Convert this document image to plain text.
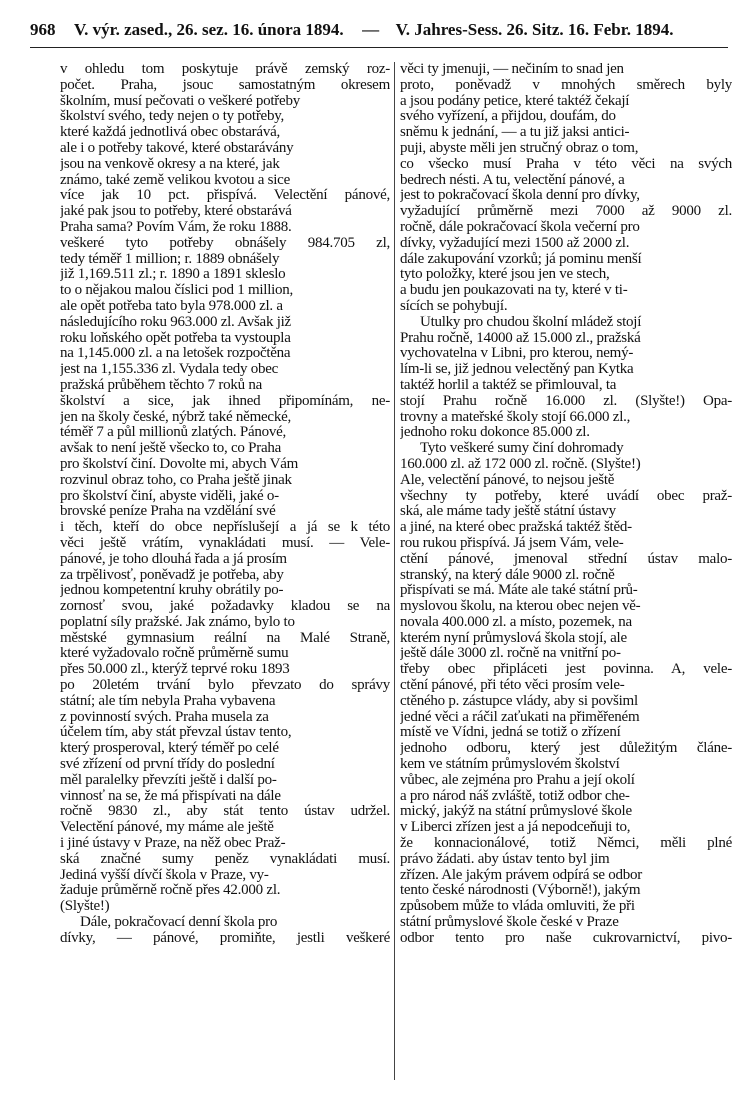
968 V. výr. zased., 26. sez. 16. února 1894. — V. Jahres-Sess. 26. Sitz. 16. Febr. 1894.
v ohledu tom poskytuje právě zemský roz-
počet. Praha, jsouc samostatným okresem
školním, musí pečovati o veškeré potřeby
školství svého, tedy nejen o ty potřeby,
které každá jednotlivá obec obstarává,
ale i o potřeby takové, které obstarávány
jsou na venkově okresy a na které, jak
známo, také země velikou kvotou a sice
více jak 10 pct. přispívá. Velectění pánové,
jaké pak jsou to potřeby, které obstarává
Praha sama? Povím Vám, že roku 1888.
veškeré tyto potřeby obnášely 984.705 zl,
tedy téměř 1 million; r. 1889 obnášely
již 1,169.511 zl.; r. 1890 a 1891 skleslo
to o nějakou malou číslici pod 1 million,
ale opět potřeba tato byla 978.000 zl. a
následujícího roku 963.000 zl. Avšak již
roku loňského opět potřeba ta vystoupla
na 1,145.000 zl. a na letošek rozpočtěna
jest na 1,155.336 zl. Vydala tedy obec
pražská průběhem těchto 7 roků na
školství a sice, jak ihned připomínám, ne-
jen na školy české, nýbrž také německé,
téměř 7 a půl millionů zlatých. Pánové,
avšak to není ještě všecko to, co Praha
pro školství činí. Dovolte mi, abych Vám
rozvinul obraz toho, co Praha ještě jinak
pro školství činí, abyste viděli, jaké o-
brovské peníze Praha na vzdělání své
i těch, kteří do obce nepříslušejí a já se k této
věci ještě vrátím, vynakládati musí. — Vele-
pánové, je toho dlouhá řada a já prosím
za trpělivosť, poněvadž je potřeba, aby
jednou kompetentní kruhy obrátily po-
zornosť svou, jaké požadavky kladou se na
poplatní síly pražské. Jak známo, bylo to
městské gymnasium reální na Malé Straně,
které vyžadovalo ročně průměrně sumu
přes 50.000 zl., kterýž teprvé roku 1893
po 20letém trvání bylo převzato do správy
státní; ale tím nebyla Praha vybavena
z povinností svých. Praha musela za
účelem tím, aby stát převzal ústav tento,
který prosperoval, který téměř po celé
své zřízení od první třídy do poslední
měl paralelky převzíti ještě i další po-
vinnosť na se, že má přispívati na dále
ročně 9830 zl., aby stát tento ústav udržel.
Velectění pánové, my máme ale ještě
i jiné ústavy v Praze, na něž obec Praž-
ská značné sumy peněz vynakládati musí.
Jediná vyšší dívčí škola v Praze, vy-
žaduje průměrně ročně přes 42.000 zl.
(Slyšte!)
Dále, pokračovací denní škola pro
dívky, — pánové, promiňte, jestli veškeré
věci ty jmenuji, — nečiním to snad jen
proto, poněvadž v mnohých směrech byly
a jsou podány petice, které taktéž čekají
svého vyřízení, a přijdou, doufám, do
sněmu k jednání, — a tu již jaksi antici-
puji, abyste měli jen stručný obraz o tom,
co všecko musí Praha v této věci na svých
bedrech nésti. A tu, velectění pánové, a
jest to pokračovací škola denní pro dívky,
vyžadující průměrně mezi 7000 až 9000 zl.
ročně, dále pokračovací škola večerní pro
dívky, vyžadující mezi 1500 až 2000 zl.
dále zakupování vzorků; já pominu menší
tyto položky, které jsou jen ve stech,
a budu jen poukazovati na ty, které v ti-
sících se pohybují.
Útulky pro chudou školní mládež stojí
Prahu ročně, 14000 až 15.000 zl., pražská
vychovatelna v Libni, pro kterou, nemý-
lím-li se, již jednou velectěný pan Kytka
taktéž horlil a taktéž se přimlouval, ta
stojí Prahu ročně 16.000 zl. (Slyšte!) Opa-
trovny a mateřské školy stojí 66.000 zl.,
jednoho roku dokonce 85.000 zl.
Tyto veškeré sumy činí dohromady
160.000 zl. až 172 000 zl. ročně. (Slyšte!)
Ale, velectění pánové, to nejsou ještě
všechny ty potřeby, které uvádí obec praž-
ská, ale máme tady ještě státní ústavy
a jiné, na které obec pražská taktéž štěd-
rou rukou přispívá. Já jsem Vám, vele-
ctění pánové, jmenoval střední ústav malo-
stranský, na který dále 9000 zl. ročně
přispívati se má. Máte ale také státní prů-
myslovou školu, na kterou obec nejen vě-
novala 400.000 zl. a místo, pozemek, na
kterém nyní průmyslová škola stojí, ale
ještě dále 3000 zl. ročně na vnitřní po-
třeby obec připláceti jest povinna. A, vele-
ctění pánové, při této věci prosím vele-
ctěného p. zástupce vlády, aby si povšiml
jedné věci a ráčil zaťukati na přiměřeném
místě ve Vídni, jedná se totiž o zřízení
jednoho odboru, který jest důležitým článe-
kem ve státním průmyslovém školství
vůbec, ale zejména pro Prahu a její okolí
a pro národ náš zvláště, totiž odbor che-
mický, jakýž na státní průmyslové škole
v Liberci zřízen jest a já nepodceňuji to,
že konnacionálové, totiž Němci, měli plné
právo žádati. aby ústav tento byl jim
zřízen. Ale jakým právem odpírá se odbor
tento české národnosti (Výborně!), jakým
způsobem může to vláda omluviti, že při
státní průmyslové škole české v Praze
odbor tento pro naše cukrovarnictví, pivo-
